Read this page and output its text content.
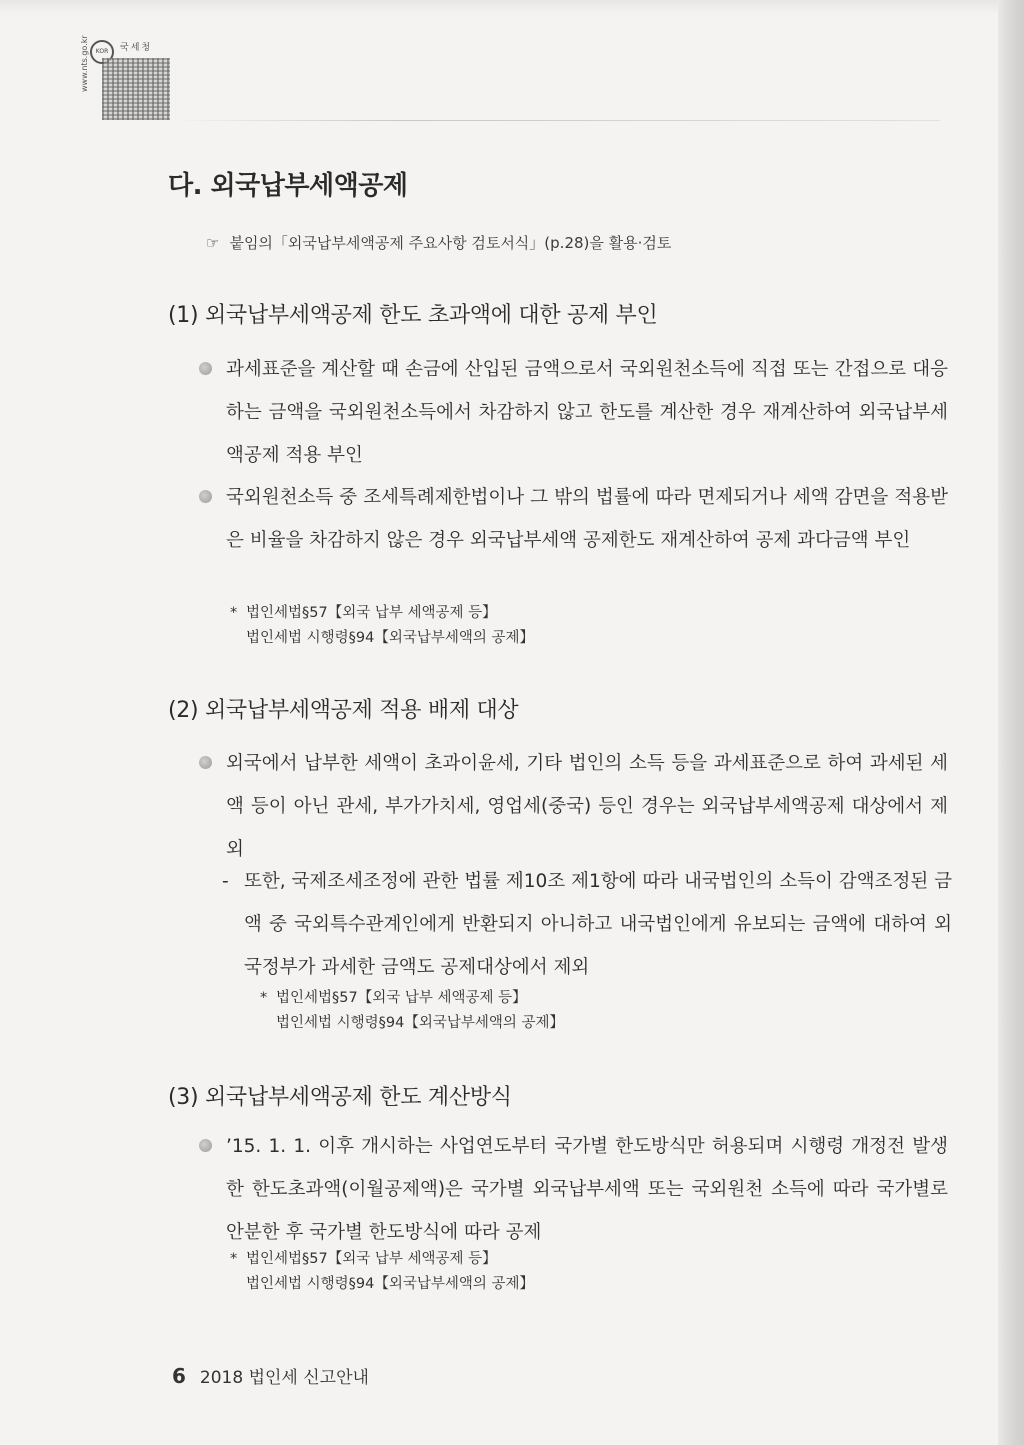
KOR	국세청
www.nts.go.kr
다. 외국납부세액공제
☞ 붙임의「외국납부세액공제 주요사항 검토서식」(p.28)을 활용·검토
(1) 외국납부세액공제 한도 초과액에 대한 공제 부인
과세표준을 계산할 때 손금에 산입된 금액으로서 국외원천소득에 직접 또는 간접으로 대응하는 금액을 국외원천소득에서 차감하지 않고 한도를 계산한 경우 재계산하여 외국납부세액공제 적용 부인
국외원천소득 중 조세특례제한법이나 그 밖의 법률에 따라 면제되거나 세액 감면을 적용받은 비율을 차감하지 않은 경우 외국납부세액 공제한도 재계산하여 공제 과다금액 부인
* 법인세법§57【외국 납부 세액공제 등】
법인세법 시행령§94【외국납부세액의 공제】
(2) 외국납부세액공제 적용 배제 대상
외국에서 납부한 세액이 초과이윤세, 기타 법인의 소득 등을 과세표준으로 하여 과세된 세액 등이 아닌 관세, 부가가치세, 영업세(중국) 등인 경우는 외국납부세액공제 대상에서 제외
- 또한, 국제조세조정에 관한 법률 제10조 제1항에 따라 내국법인의 소득이 감액조정된 금액 중 국외특수관계인에게 반환되지 아니하고 내국법인에게 유보되는 금액에 대하여 외국정부가 과세한 금액도 공제대상에서 제외
* 법인세법§57【외국 납부 세액공제 등】
법인세법 시행령§94【외국납부세액의 공제】
(3) 외국납부세액공제 한도 계산방식
’15. 1. 1. 이후 개시하는 사업연도부터 국가별 한도방식만 허용되며 시행령 개정전 발생한 한도초과액(이월공제액)은 국가별 외국납부세액 또는 국외원천 소득에 따라 국가별로 안분한 후 국가별 한도방식에 따라 공제
* 법인세법§57【외국 납부 세액공제 등】
법인세법 시행령§94【외국납부세액의 공제】
6 2018 법인세 신고안내
